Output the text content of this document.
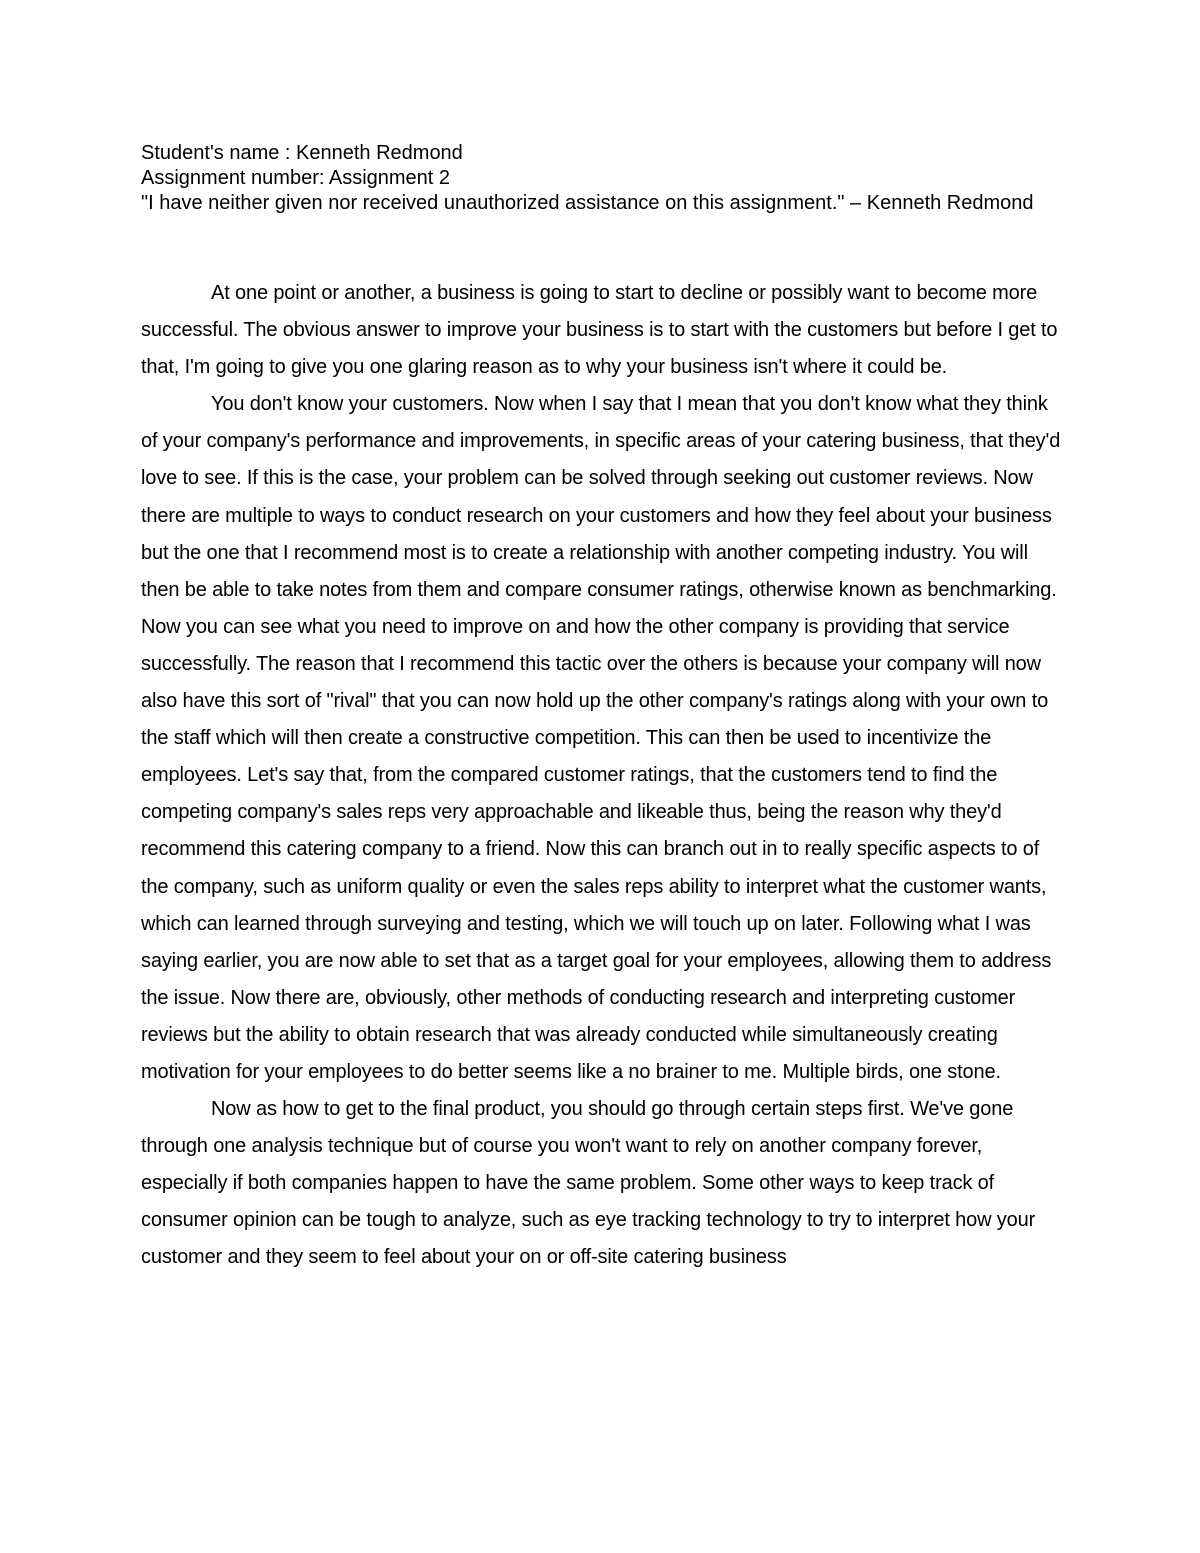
Student's name : Kenneth Redmond
Assignment number: Assignment 2
"I have neither given nor received unauthorized assistance on this assignment." – Kenneth Redmond

At one point or another, a business is going to start to decline or possibly want to become more successful. The obvious answer to improve your business is to start with the customers but before I get to that, I'm going to give you one glaring reason as to why your business isn't where it could be.

You don't know your customers. Now when I say that I mean that you don't know what they think of your company's performance and improvements, in specific areas of your catering business, that they'd love to see. If this is the case, your problem can be solved through seeking out customer reviews. Now there are multiple to ways to conduct research on your customers and how they feel about your business but the one that I recommend most is to create a relationship with another competing industry. You will then be able to take notes from them and compare consumer ratings, otherwise known as benchmarking. Now you can see what you need to improve on and how the other company is providing that service successfully. The reason that I recommend this tactic over the others is because your company will now also have this sort of "rival" that you can now hold up the other company's ratings along with your own to the staff which will then create a constructive competition. This can then be used to incentivize the employees. Let's say that, from the compared customer ratings, that the customers tend to find the competing company's sales reps very approachable and likeable thus, being the reason why they'd recommend this catering company to a friend. Now this can branch out in to really specific aspects to of the company, such as uniform quality or even the sales reps ability to interpret what the customer wants, which can learned through surveying and testing, which we will touch up on later. Following what I was saying earlier, you are now able to set that as a target goal for your employees, allowing them to address the issue. Now there are, obviously, other methods of conducting research and interpreting customer reviews but the ability to obtain research that was already conducted while simultaneously creating motivation for your employees to do better seems like a no brainer to me. Multiple birds, one stone.

Now as how to get to the final product, you should go through certain steps first. We've gone through one analysis technique but of course you won't want to rely on another company forever, especially if both companies happen to have the same problem. Some other ways to keep track of consumer opinion can be tough to analyze, such as eye tracking technology to try to interpret how your customer and they seem to feel about your on or off-site catering business
